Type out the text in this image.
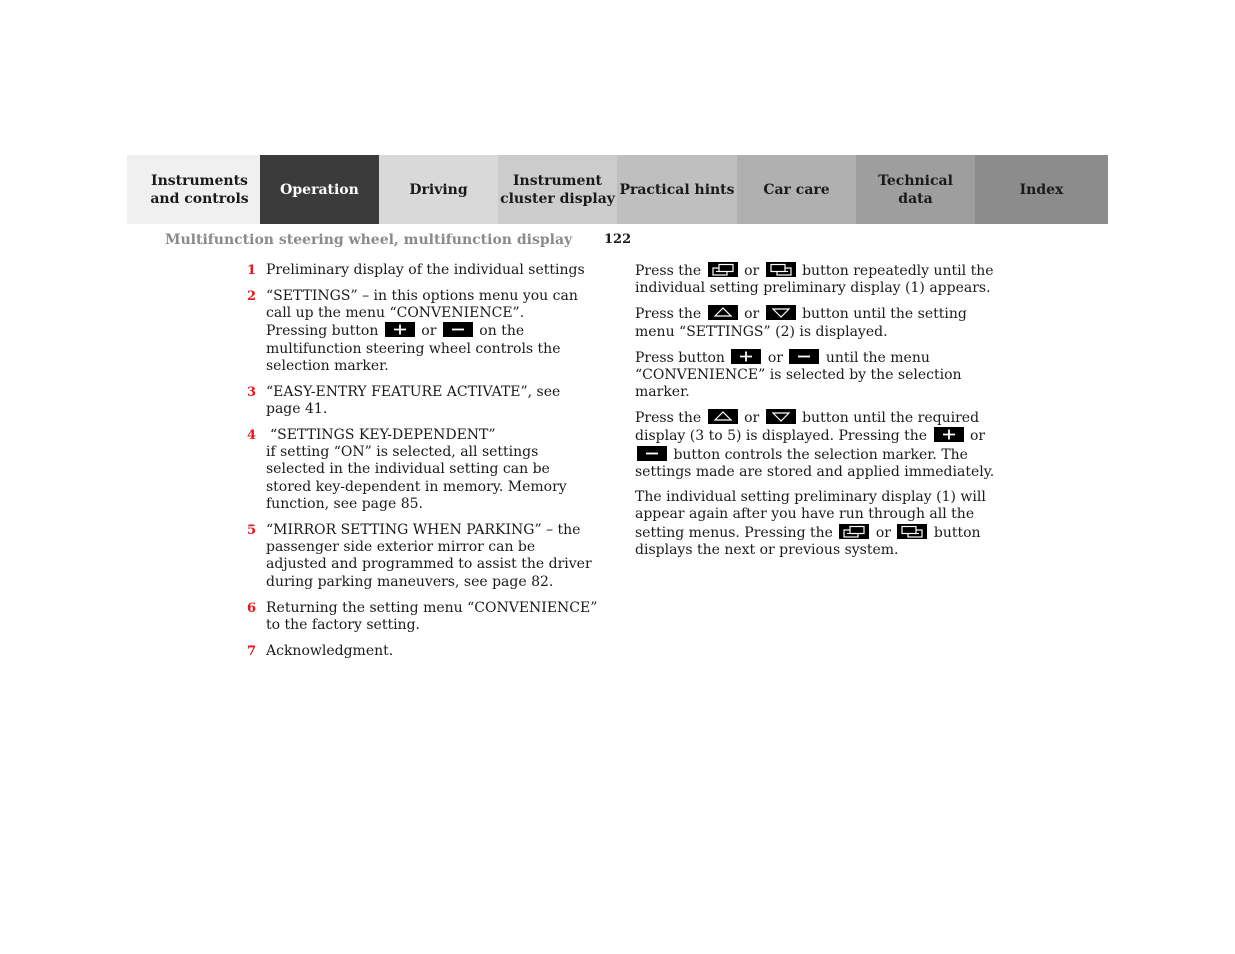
Instruments
and controls
Operation	Driving
Instrument
cluster display
Practical hints Car care
Technical
data
Index
Multifunction steering wheel, multifunction display 122
1 Preliminary display of the individual settings
2 “SETTINGS” – in this options menu you can call up the menu “CONVENIENCE”.
Pressing button	or	on the multifunction steering wheel controls the selection marker.
3 “EASY-ENTRY FEATURE ACTIVATE”, see page 41.
4 “SETTINGS KEY-DEPENDENT”
if setting “ON” is selected, all settings selected in the individual setting can be stored key-dependent in memory. Memory function, see page 85.
5 “MIRROR SETTING WHEN PARKING” – the passenger side exterior mirror can be adjusted and programmed to assist the driver during parking maneuvers, see page 82.
6 Returning the setting menu “CONVENIENCE” to the factory setting.
7 Acknowledgment.

Press the	or	button repeatedly until the individual setting preliminary display (1) appears.

Press the	or	button until the setting menu “SETTINGS” (2) is displayed.

Press button	or	until the menu “CONVENIENCE” is selected by the selection marker.

Press the	or	button until the required display (3 to 5) is displayed. Pressing the	or
button controls the selection marker. The settings made are stored and applied immediately.

The individual setting preliminary display (1) will appear again after you have run through all the setting menus. Pressing the	or	button displays the next or previous system.
